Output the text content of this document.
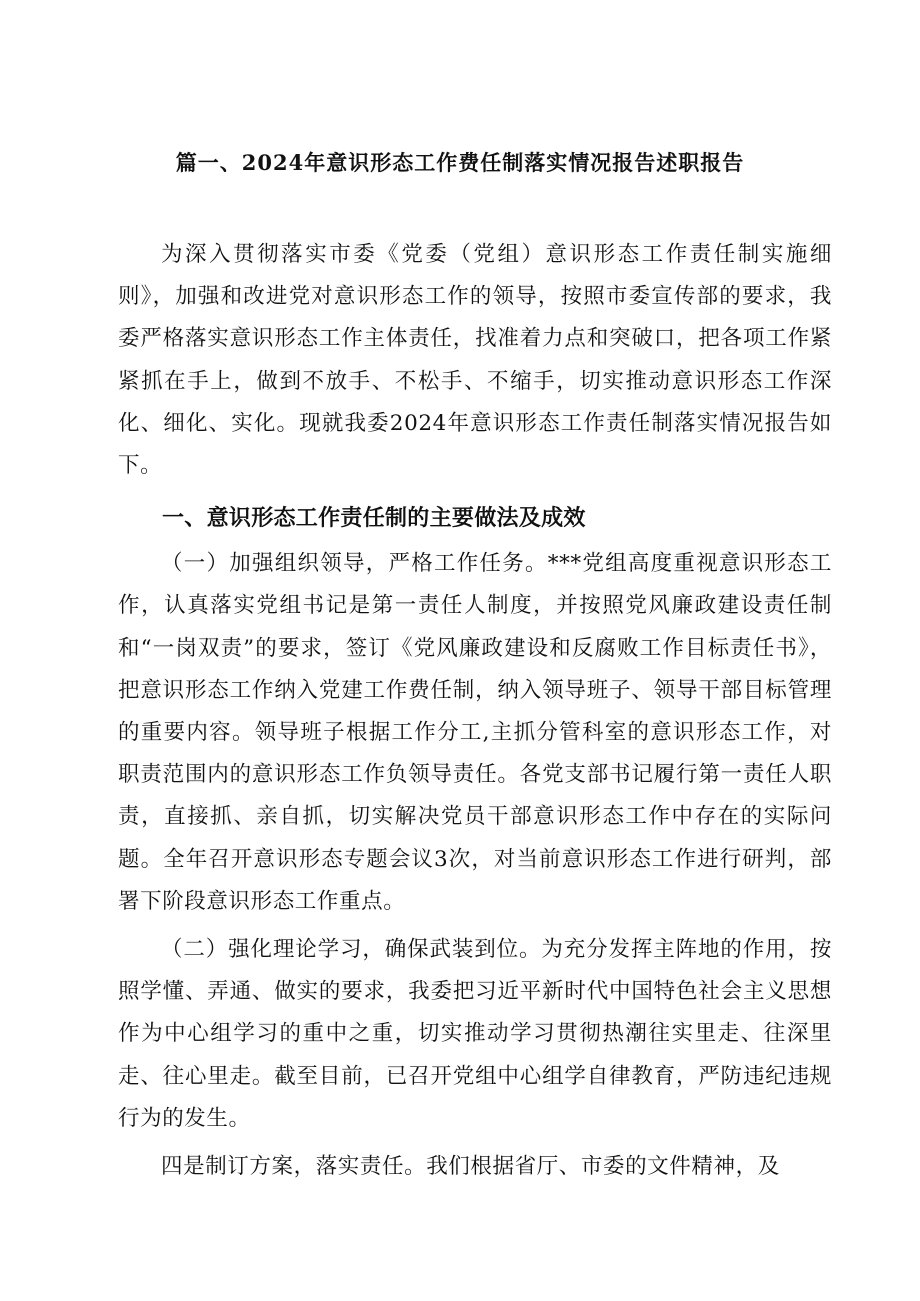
篇一、2024年意识形态工作费任制落实情况报告述职报告

为深入贯彻落实市委《党委（党组）意识形态工作责任制实施细则》，加强和改进党对意识形态工作的领导，按照市委宣传部的要求，我委严格落实意识形态工作主体责任，找准着力点和突破口，把各项工作紧紧抓在手上，做到不放手、不松手、不缩手，切实推动意识形态工作深化、细化、实化。现就我委2024年意识形态工作责任制落实情况报告如下。

一、意识形态工作责任制的主要做法及成效

（一）加强组织领导，严格工作任务。***党组高度重视意识形态工作，认真落实党组书记是第一责任人制度，并按照党风廉政建设责任制和“一岗双责”的要求，签订《党风廉政建设和反腐败工作目标责任书》，把意识形态工作纳入党建工作费任制，纳入领导班子、领导干部目标管理的重要内容。领导班子根据工作分工,主抓分管科室的意识形态工作，对职责范围内的意识形态工作负领导责任。各党支部书记履行第一责任人职责，直接抓、亲自抓，切实解决党员干部意识形态工作中存在的实际问题。全年召开意识形态专题会议3次，对当前意识形态工作进行研判，部署下阶段意识形态工作重点。

（二）强化理论学习，确保武装到位。为充分发挥主阵地的作用，按照学懂、弄通、做实的要求，我委把习近平新时代中国特色社会主义思想作为中心组学习的重中之重，切实推动学习贯彻热潮往实里走、往深里走、往心里走。截至目前，已召开党组中心组学自律教育，严防违纪违规行为的发生。

四是制订方案，落实责任。我们根据省厅、市委的文件精神，及
